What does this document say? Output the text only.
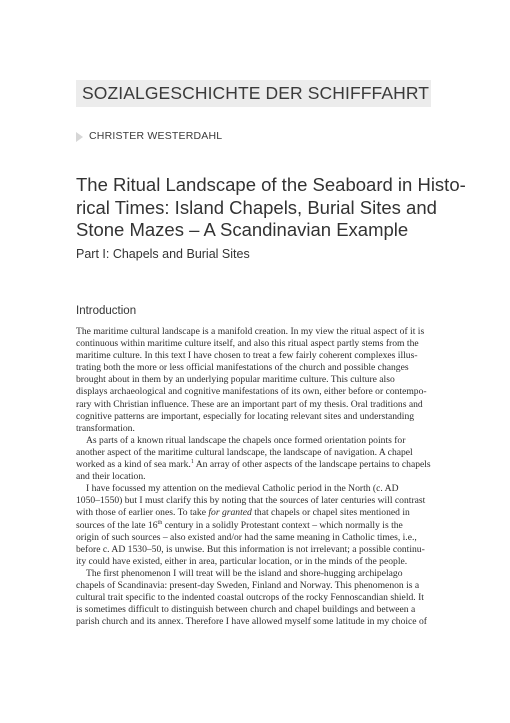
SOZIALGESCHICHTE DER SCHIFFFAHRT
CHRISTER WESTERDAHL
The Ritual Landscape of the Seaboard in Histo-
rical Times: Island Chapels, Burial Sites and
Stone Mazes – A Scandinavian Example
Part I: Chapels and Burial Sites
Introduction
The maritime cultural landscape is a manifold creation. In my view the ritual aspect of it is
continuous within maritime culture itself, and also this ritual aspect partly stems from the
maritime culture. In this text I have chosen to treat a few fairly coherent complexes illus-
trating both the more or less official manifestations of the church and possible changes
brought about in them by an underlying popular maritime culture. This culture also
displays archaeological and cognitive manifestations of its own, either before or contempo-
rary with Christian influence. These are an important part of my thesis. Oral traditions and
cognitive patterns are important, especially for locating relevant sites and understanding
transformation.
As parts of a known ritual landscape the chapels once formed orientation points for
another aspect of the maritime cultural landscape, the landscape of navigation. A chapel
worked as a kind of sea mark.$^1$ An array of other aspects of the landscape pertains to chapels
and their location.
I have focussed my attention on the medieval Catholic period in the North (c. AD
1050–1550) but I must clarify this by noting that the sources of later centuries will contrast
with those of earlier ones. To take for granted that chapels or chapel sites mentioned in
sources of the late 16th century in a solidly Protestant context – which normally is the
origin of such sources – also existed and/or had the same meaning in Catholic times, i.e.,
before c. AD 1530–50, is unwise. But this information is not irrelevant; a possible continu-
ity could have existed, either in area, particular location, or in the minds of the people.
The first phenomenon I will treat will be the island and shore-hugging archipelago
chapels of Scandinavia: present-day Sweden, Finland and Norway. This phenomenon is a
cultural trait specific to the indented coastal outcrops of the rocky Fennoscandian shield. It
is sometimes difficult to distinguish between church and chapel buildings and between a
parish church and its annex. Therefore I have allowed myself some latitude in my choice of
